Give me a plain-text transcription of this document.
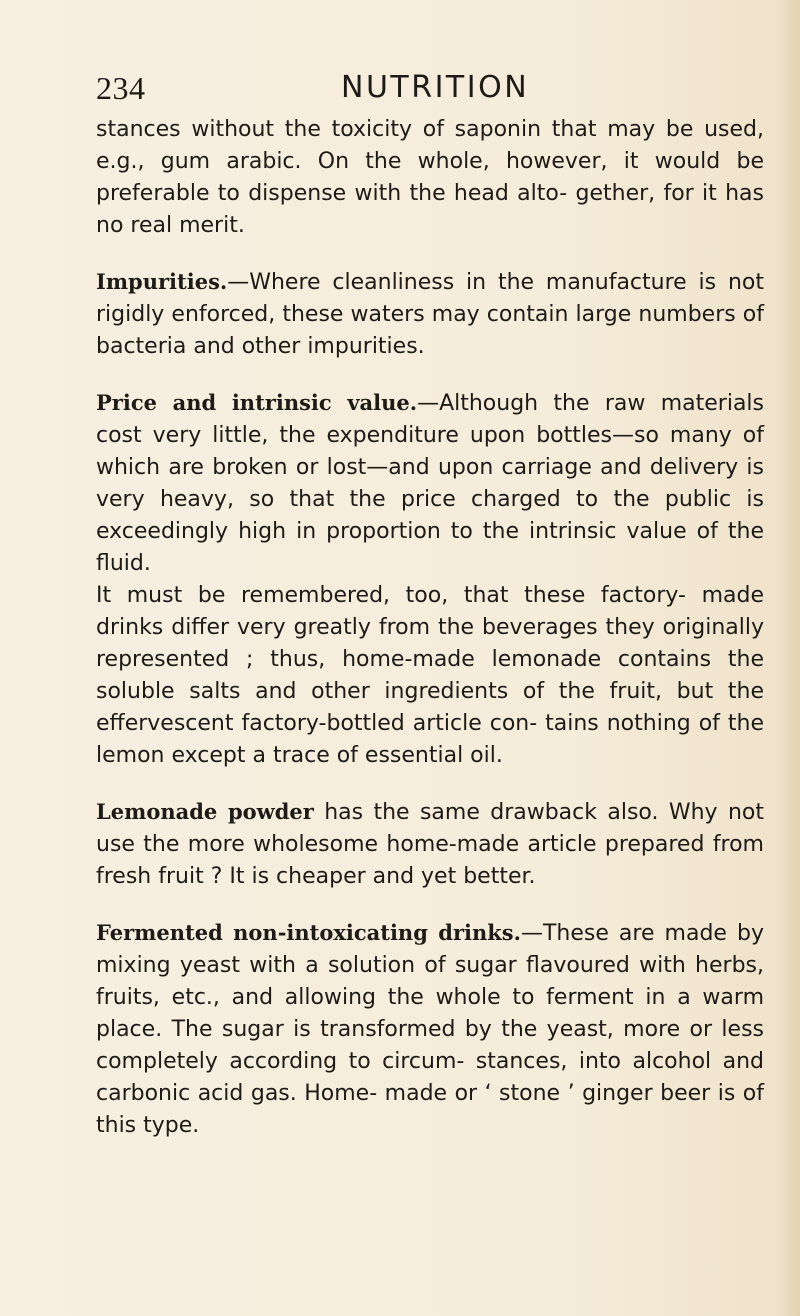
234	NUTRITION

stances without the toxicity of saponin that may be used, e.g., gum arabic. On the whole, however, it would be preferable to dispense with the head alto- gether, for it has no real merit.

Impurities.—Where cleanliness in the manufacture is not rigidly enforced, these waters may contain large numbers of bacteria and other impurities.

Price and intrinsic value.—Although the raw materials cost very little, the expenditure upon bottles—so many of which are broken or lost—and upon carriage and delivery is very heavy, so that the price charged to the public is exceedingly high in proportion to the intrinsic value of the fluid.

It must be remembered, too, that these factory- made drinks differ very greatly from the beverages they originally represented ; thus, home-made lemonade contains the soluble salts and other ingredients of the fruit, but the effervescent factory-bottled article con- tains nothing of the lemon except a trace of essential oil.

Lemonade powder has the same drawback also. Why not use the more wholesome home-made article prepared from fresh fruit ? It is cheaper and yet better.

Fermented non-intoxicating drinks.—These are made by mixing yeast with a solution of sugar flavoured with herbs, fruits, etc., and allowing the whole to ferment in a warm place. The sugar is transformed by the yeast, more or less completely according to circum- stances, into alcohol and carbonic acid gas. Home- made or ‘ stone ’ ginger beer is of this type.
